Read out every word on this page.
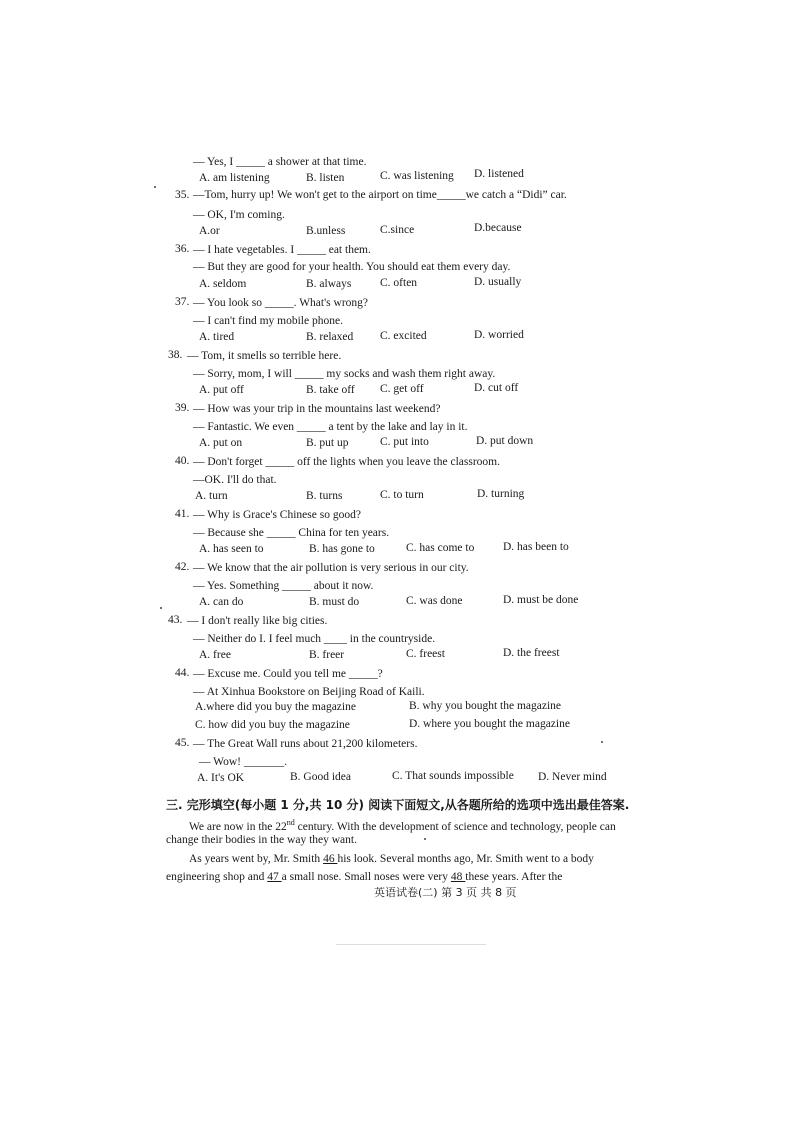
— Yes, I _____ a shower at that time.
A. am listening	B. listen	C. was listening D. listened
35. —Tom, hurry up! We won't get to the airport on time_____we catch a “Didi” car.
— OK, I'm coming.
A.or	B.unless	C.since	D.because
36. — I hate vegetables. I _____ eat them.
— But they are good for your health. You should eat them every day.
A. seldom	B. always C. often	D. usually
37. — You look so _____. What's wrong?
— I can't find my mobile phone.
A. tired	B. relaxed C. excited	D. worried
38. — Tom, it smells so terrible here.
— Sorry, mom, I will _____ my socks and wash them right away.
A. put off	B. take off C. get off	D. cut off
39. — How was your trip in the mountains last weekend?
— Fantastic. We even _____ a tent by the lake and lay in it.
A. put on	B. put up	C. put into	D. put down
40. — Don't forget _____ off the lights when you leave the classroom.
—OK. I'll do that.
A. turn	B. turns	C. to turn	D. turning
41. — Why is Grace's Chinese so good?
— Because she _____ China for ten years.
A. has seen to	B. has gone to	C. has come to D. has been to
42. — We know that the air pollution is very serious in our city.
— Yes. Something _____ about it now.
A. can do	B. must do	C. was done	D. must be done
43. — I don't really like big cities.
— Neither do I. I feel much ____ in the countryside.
A. free	B. freer	C. freest	D. the freest
44. — Excuse me. Could you tell me _____?
— At Xinhua Bookstore on Beijing Road of Kaili.
A.where did you buy the magazine	B. why you bought the magazine
C. how did you buy the magazine	D. where you bought the magazine
45. — The Great Wall runs about 21,200 kilometers.
— Wow! _______.
A. It's OK	B. Good idea	C. That sounds impossible D. Never mind
三. 完形填空(每小题 1 分,共 10 分) 阅读下面短文,从各题所给的选项中选出最佳答案.
We are now in the 22nd century. With the development of science and technology, people can
change their bodies in the way they want.
As years went by, Mr. Smith 46 his look. Several months ago, Mr. Smith went to a body
engineering shop and 47 a small nose. Small noses were very 48 these years. After the
英语试卷(二) 第 3 页 共 8 页
